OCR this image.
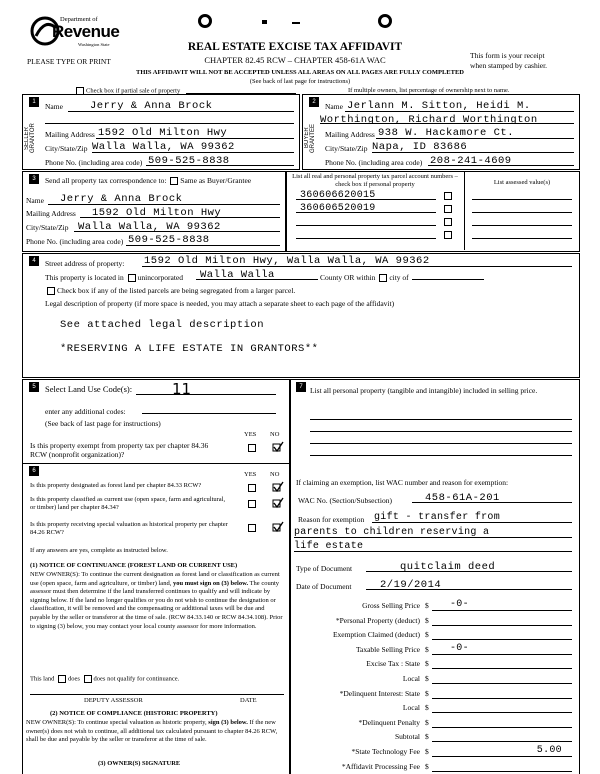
Department of
Revenue
Washington State
PLEASE TYPE OR PRINT
REAL ESTATE EXCISE TAX AFFIDAVIT
CHAPTER 82.45 RCW – CHAPTER 458-61A WAC	This form is your receipt
when stamped by cashier.
THIS AFFIDAVIT WILL NOT BE ACCEPTED UNLESS ALL AREAS ON ALL PAGES ARE FULLY COMPLETED
(See back of last page for instructions)
Check box if partial sale of property	If multiple owners, list percentage of ownership next to name.
1
SELLER GRANTOR
Name	Jerry & Anna Brock
Mailing Address 1592 Old Milton Hwy
City/State/Zip Walla Walla, WA 99362
Phone No. (including area code) 509-525-8838
2
BUYER GRANTEE
Name Jerlann M. Sitton, Heidi M.
Worthington, Richard Worthington
Mailing Address 938 W. Hackamore Ct.
City/State/Zip Napa, ID 83686
Phone No. (including area code) 208-241-4609
3	Send all property tax correspondence to: Same as Buyer/Grantee
Name Jerry & Anna Brock
Mailing Address 1592 Old Milton Hwy
City/State/Zip Walla Walla, WA 99362
Phone No. (including area code) 509-525-8838
List all real and personal property tax parcel account numbers – check box if personal property	List assessed value(s)
360606620015
360606520019
4	Street address of property: 1592 Old Milton Hwy, Walla Walla, WA 99362
This property is located in unincorporated Walla Walla	County OR within city of
Check box if any of the listed parcels are being segregated from a larger parcel.
Legal description of property (if more space is needed, you may attach a separate sheet to each page of the affidavit)
See attached legal description
*RESERVING A LIFE ESTATE IN GRANTORS**
5	Select Land Use Code(s):	11
enter any additional codes:
(See back of last page for instructions)
YES NO
Is this property exempt from property tax per chapter 84.36 RCW (nonprofit organization)?
6	YES NO
Is this property designated as forest land per chapter 84.33 RCW?
Is this property classified as current use (open space, farm and agricultural, or timber) land per chapter 84.34?
Is this property receiving special valuation as historical property per chapter 84.26 RCW?
If any answers are yes, complete as instructed below.
(1) NOTICE OF CONTINUANCE (FOREST LAND OR CURRENT USE)
NEW OWNER(S): To continue the current designation as forest land or classification as current use (open space, farm and agriculture, or timber) land, you must sign on (3) below. The county assessor must then determine if the land transferred continues to qualify and will indicate by signing below. If the land no longer qualifies or you do not wish to continue the designation or classification, it will be removed and the compensating or additional taxes will be due and payable by the seller or transferor at the time of sale. (RCW 84.33.140 or RCW 84.34.108). Prior to signing (3) below, you may contact your local county assessor for more information.
This land does does not qualify for continuance.
DEPUTY ASSESSOR	DATE
(2) NOTICE OF COMPLIANCE (HISTORIC PROPERTY)
NEW OWNER(S): To continue special valuation as historic property, sign (3) below. If the new owner(s) does not wish to continue, all additional tax calculated pursuant to chapter 84.26 RCW, shall be due and payable by the seller or transferor at the time of sale.
(3) OWNER(S) SIGNATURE
7 List all personal property (tangible and intangible) included in selling price.
If claiming an exemption, list WAC number and reason for exemption:
WAC No. (Section/Subsection)	458-61A-201
Reason for exemption gift - transfer from
parents to children reserving a
life estate
Type of Document	quitclaim deed
Date of Document	2/19/2014
Gross Selling Price $ -0-
*Personal Property (deduct) $
Exemption Claimed (deduct) $
Taxable Selling Price $ -0-
Excise Tax : State $
Local $
*Delinquent Interest: State $
Local $
*Delinquent Penalty $
Subtotal $
*State Technology Fee $	5.00
*Affidavit Processing Fee $
